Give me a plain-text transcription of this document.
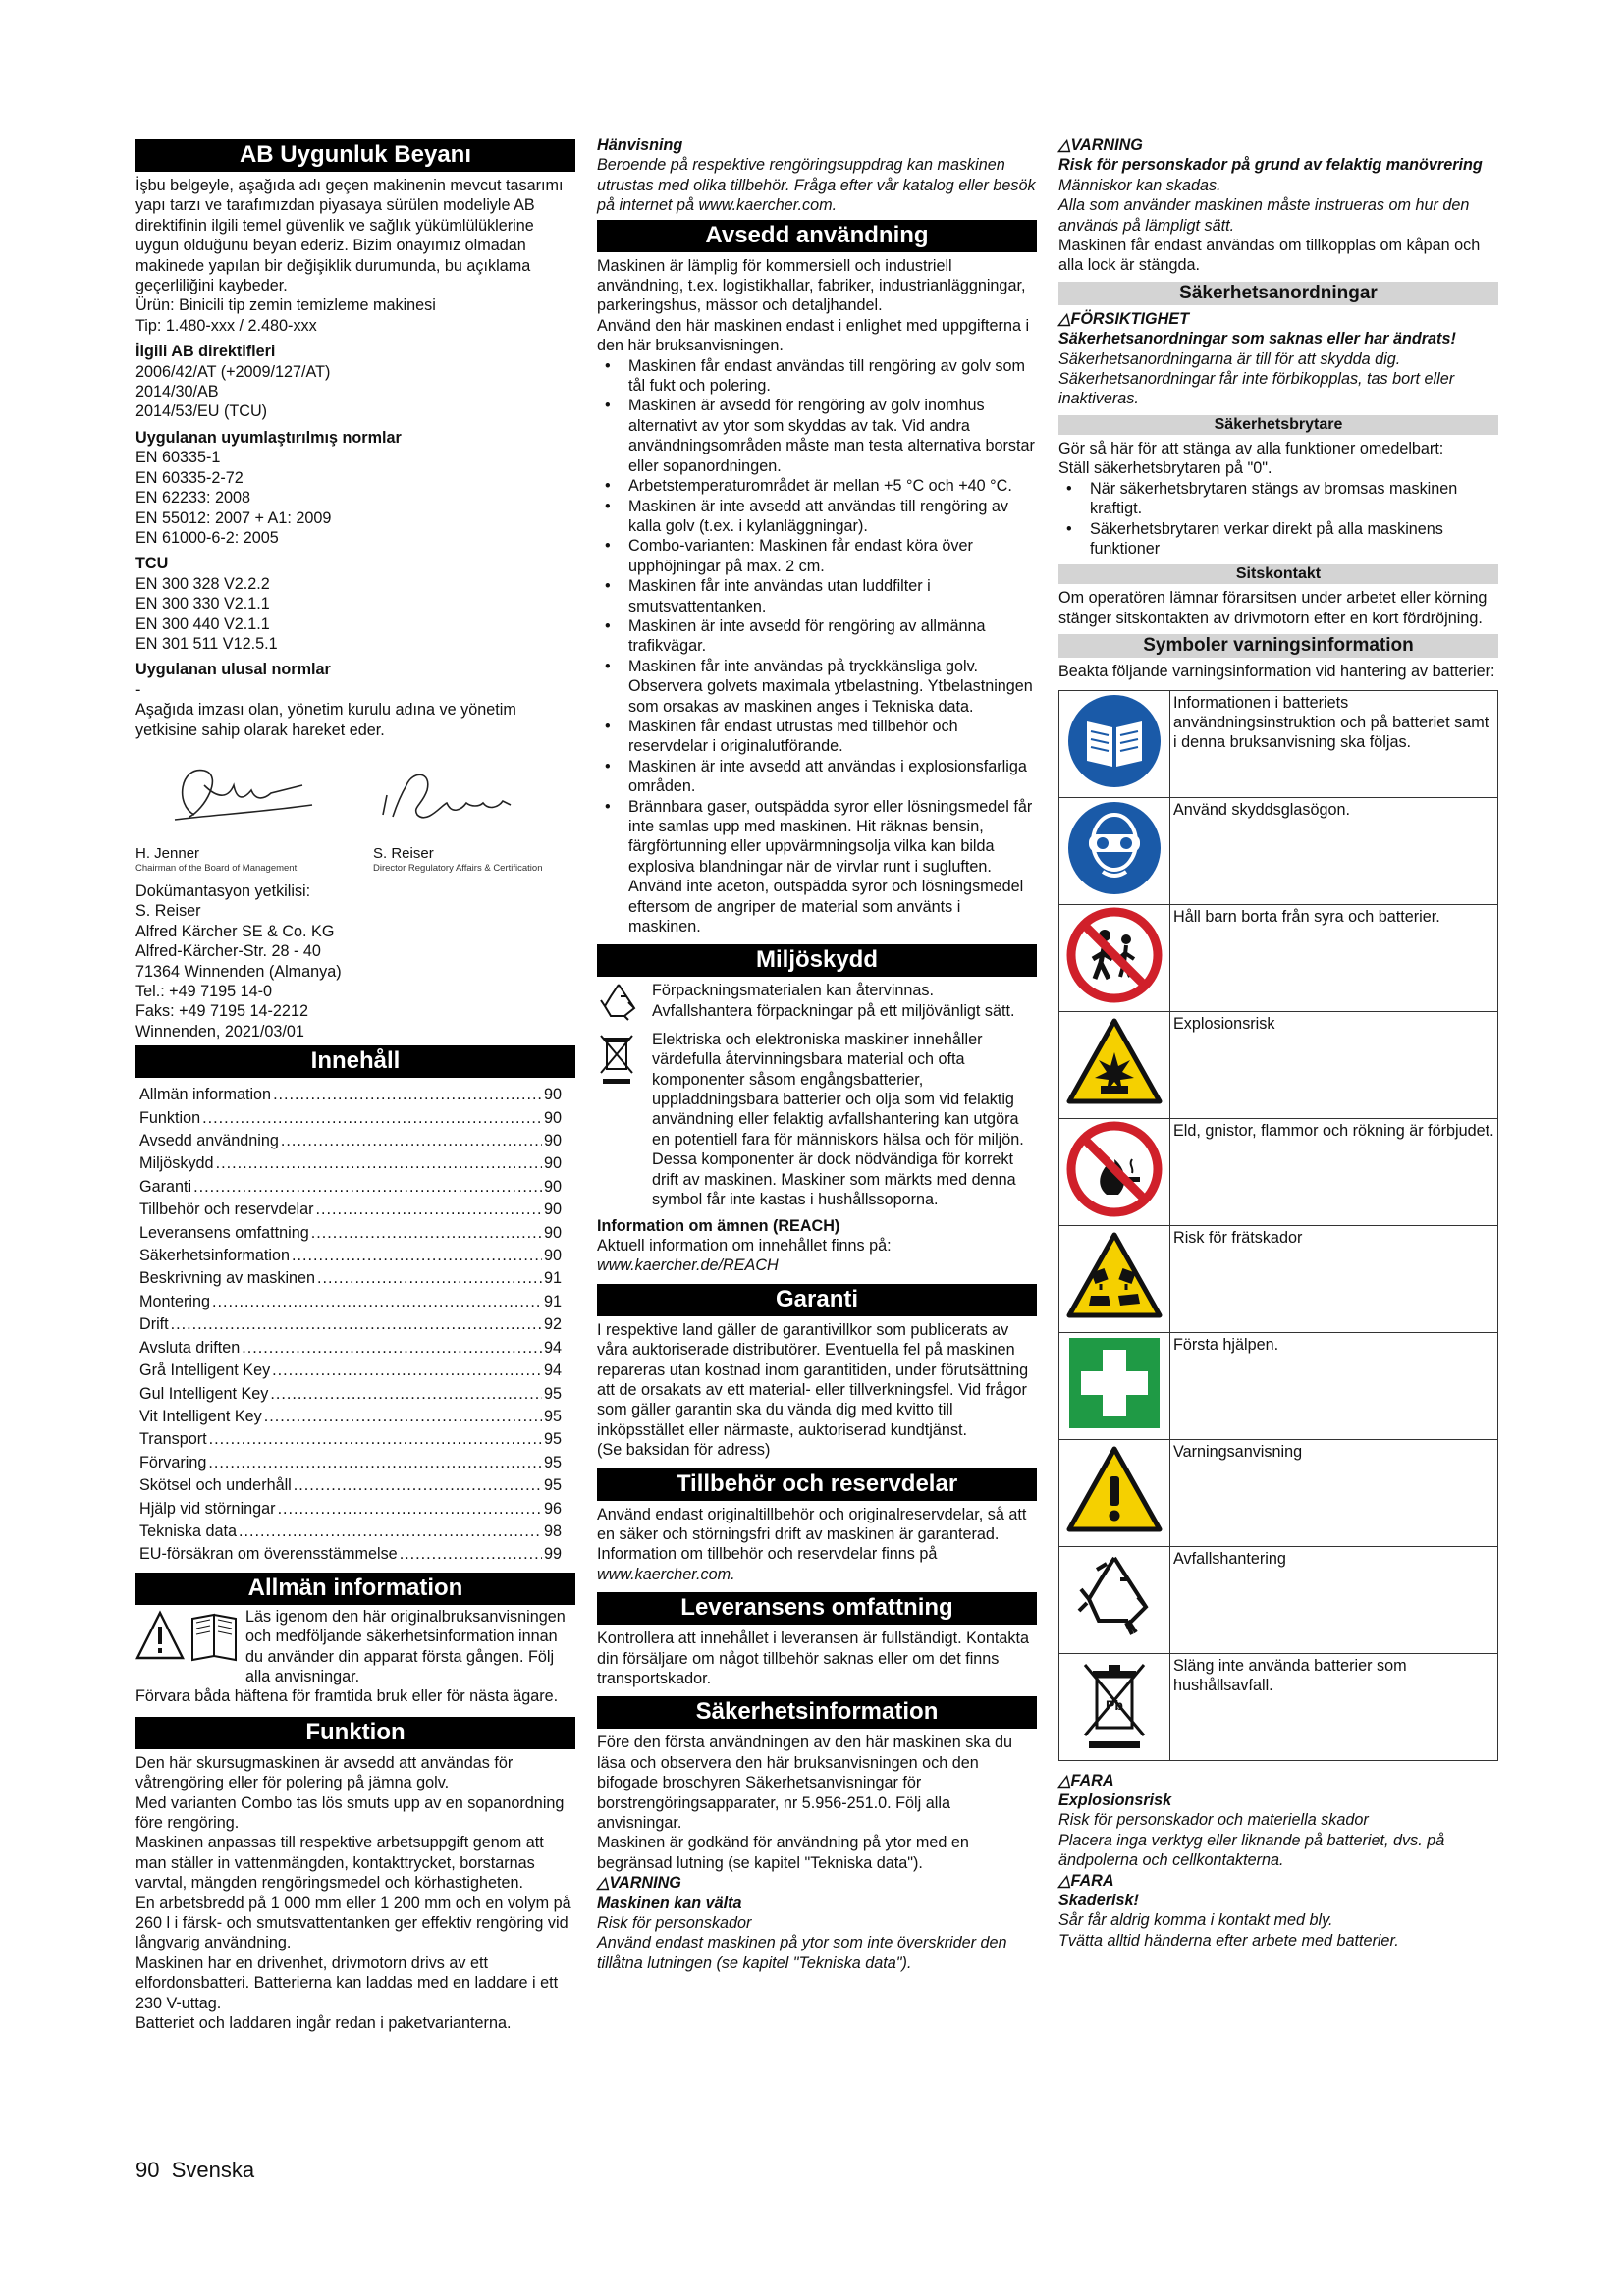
AB Uygunluk Beyanı

İşbu belgeyle, aşağıda adı geçen makinenin mevcut tasarımı yapı tarzı ve tarafımızdan piyasaya sürülen modeliyle AB direktifinin ilgili temel güvenlik ve sağlık yükümlülüklerine uygun olduğunu beyan ederiz. Bizim onayımız olmadan makinede yapılan bir değişiklik durumunda, bu açıklama geçerliliğini kaybeder.

Ürün: Binicili tip zemin temizleme makinesi

Tip: 1.480-xxx / 2.480-xxx

İlgili AB direktifleri

2006/42/AT (+2009/127/AT)

2014/30/AB

2014/53/EU (TCU)

Uygulanan uyumlaştırılmış normlar

EN 60335-1

EN 60335-2-72

EN 62233: 2008

EN 55012: 2007 + A1: 2009

EN 61000-6-2: 2005

TCU

EN 300 328 V2.2.2

EN 300 330 V2.1.1

EN 300 440 V2.1.1

EN 301 511 V12.5.1

Uygulanan ulusal normlar

-

Aşağıda imzası olan, yönetim kurulu adına ve yönetim yetkisine sahip olarak hareket eder.

H. Jenner
Chairman of the Board of Management
S. Reiser
Director Regulatory Affairs & Certification

Dokümantasyon yetkilisi:

S. Reiser

Alfred Kärcher SE & Co. KG

Alfred-Kärcher-Str. 28 - 40

71364 Winnenden (Almanya)

Tel.: +49 7195 14-0

Faks: +49 7195 14-2212

Winnenden, 2021/03/01

Innehåll
Allmän information .....	90
Funktion .....	90
Avsedd användning .....	90
Miljöskydd .....	90
Garanti .....	90
Tillbehör och reservdelar .....	90
Leveransens omfattning .....	90
Säkerhetsinformation .....	90
Beskrivning av maskinen .....	91
Montering .....	91
Drift .....	92
Avsluta driften .....	94
Grå Intelligent Key .....	94
Gul Intelligent Key .....	95
Vit Intelligent Key .....	95
Transport .....	95
Förvaring .....	95
Skötsel och underhåll .....	95
Hjälp vid störningar .....	96
Tekniska data .....	98
EU-försäkran om överensstämmelse .....	99
Allmän information

Läs igenom den här originalbruksanvisningen och medföljande säkerhetsinformation innan du använder din apparat första gången. Följ alla anvisningar.

Förvara båda häftena för framtida bruk eller för nästa ägare.

Funktion

Den här skursugmaskinen är avsedd att användas för våtrengöring eller för polering på jämna golv.

Med varianten Combo tas lös smuts upp av en sopanordning före rengöring.

Maskinen anpassas till respektive arbetsuppgift genom att man ställer in vattenmängden, kontakttrycket, borstarnas varvtal, mängden rengöringsmedel och körhastigheten.

En arbetsbredd på 1 000 mm eller 1 200 mm och en volym på 260 l i färsk- och smutsvattentanken ger effektiv rengöring vid långvarig användning.

Maskinen har en drivenhet, drivmotorn drivs av ett elfordonsbatteri. Batterierna kan laddas med en laddare i ett 230 V-uttag.

Batteriet och laddaren ingår redan i paketvarianterna.

Hänvisning

Beroende på respektive rengöringsuppdrag kan maskinen utrustas med olika tillbehör. Fråga efter vår katalog eller besök på internet på www.kaercher.com.

Avsedd användning

Maskinen är lämplig för kommersiell och industriell användning, t.ex. logistikhallar, fabriker, industrianläggningar, parkeringshus, mässor och detaljhandel.

Använd den här maskinen endast i enlighet med uppgifterna i den här bruksanvisningen.

• Maskinen får endast användas till rengöring av golv som tål fukt och polering.
• Maskinen är avsedd för rengöring av golv inomhus alternativt av ytor som skyddas av tak. Vid andra användningsområden måste man testa alternativa borstar eller sopanordningen.
• Arbetstemperaturområdet är mellan +5 °C och +40 °C.
• Maskinen är inte avsedd att användas till rengöring av kalla golv (t.ex. i kylanläggningar).
• Combo-varianten: Maskinen får endast köra över upphöjningar på max. 2 cm.
• Maskinen får inte användas utan luddfilter i smutsvattentanken.
• Maskinen är inte avsedd för rengöring av allmänna trafikvägar.
• Maskinen får inte användas på tryckkänsliga golv. Observera golvets maximala ytbelastning. Ytbelastningen som orsakas av maskinen anges i Tekniska data.
• Maskinen får endast utrustas med tillbehör och reservdelar i originalutförande.
• Maskinen är inte avsedd att användas i explosionsfarliga områden.
• Brännbara gaser, outspädda syror eller lösningsmedel får inte samlas upp med maskinen. Hit räknas bensin, färgförtunning eller uppvärmningsolja vilka kan bilda explosiva blandningar när de virvlar runt i sugluften. Använd inte aceton, outspädda syror och lösningsmedel eftersom de angriper de material som använts i maskinen.
Miljöskydd

Förpackningsmaterialen kan återvinnas. Avfallshantera förpackningar på ett miljövänligt sätt.

Elektriska och elektroniska maskiner innehåller värdefulla återvinningsbara material och ofta komponenter såsom engångsbatterier, uppladdningsbara batterier och olja som vid felaktig användning eller felaktig avfallshantering kan utgöra en potentiell fara för människors hälsa och för miljön. Dessa komponenter är dock nödvändiga för korrekt drift av maskinen. Maskiner som märkts med denna symbol får inte kastas i hushållssoporna.

Information om ämnen (REACH)

Aktuell information om innehållet finns på: www.kaercher.de/REACH

Garanti

I respektive land gäller de garantivillkor som publicerats av våra auktoriserade distributörer. Eventuella fel på maskinen repareras utan kostnad inom garantitiden, under förutsättning att de orsakats av ett material- eller tillverkningsfel. Vid frågor som gäller garantin ska du vända dig med kvitto till inköpsstället eller närmaste, auktoriserad kundtjänst.

(Se baksidan för adress)

Tillbehör och reservdelar

Använd endast originaltillbehör och originalreservdelar, så att en säker och störningsfri drift av maskinen är garanterad.

Information om tillbehör och reservdelar finns på

www.kaercher.com.

Leveransens omfattning

Kontrollera att innehållet i leveransen är fullständigt. Kontakta din försäljare om något tillbehör saknas eller om det finns transportskador.

Säkerhetsinformation

Före den första användningen av den här maskinen ska du läsa och observera den här bruksanvisningen och den bifogade broschyren Säkerhetsanvisningar för borstrengöringsapparater, nr 5.956-251.0. Följ alla anvisningar.

Maskinen är godkänd för användning på ytor med en begränsad lutning (se kapitel "Tekniska data").

△VARNING

Maskinen kan välta

Risk för personskador

Använd endast maskinen på ytor som inte överskrider den tillåtna lutningen (se kapitel "Tekniska data").

△VARNING

Risk för personskador på grund av felaktig manövrering

Människor kan skadas.

Alla som använder maskinen måste instrueras om hur den används på lämpligt sätt.

Maskinen får endast användas om tillkopplas om kåpan och alla lock är stängda.

Säkerhetsanordningar

△FÖRSIKTIGHET

Säkerhetsanordningar som saknas eller har ändrats!

Säkerhetsanordningarna är till för att skydda dig.

Säkerhetsanordningar får inte förbikopplas, tas bort eller inaktiveras.

Säkerhetsbrytare

Gör så här för att stänga av alla funktioner omedelbart:

Ställ säkerhetsbrytaren på "0".

• När säkerhetsbrytaren stängs av bromsas maskinen kraftigt.
• Säkerhetsbrytaren verkar direkt på alla maskinens funktioner
Sitskontakt

Om operatören lämnar förarsitsen under arbetet eller körning stänger sitskontakten av drivmotorn efter en kort fördröjning.

Symboler varningsinformation

Beakta följande varningsinformation vid hantering av batterier:

	Informationen i batteriets användningsinstruktion och på batteriet samt i denna bruksanvisning ska följas.
	Använd skyddsglasögon.
	Håll barn borta från syra och batterier.
	Explosionsrisk
	Eld, gnistor, flammor och rökning är förbjudet.
	Risk för frätskador
	Första hjälpen.
	Varningsanvisning
	Avfallshantering

Pb	Släng inte använda batterier som hushållsavfall.

△FARA

Explosionsrisk

Risk för personskador och materiella skador

Placera inga verktyg eller liknande på batteriet, dvs. på ändpolerna och cellkontakterna.

△FARA

Skaderisk!

Sår får aldrig komma i kontakt med bly.

Tvätta alltid händerna efter arbete med batterier.

90 Svenska
